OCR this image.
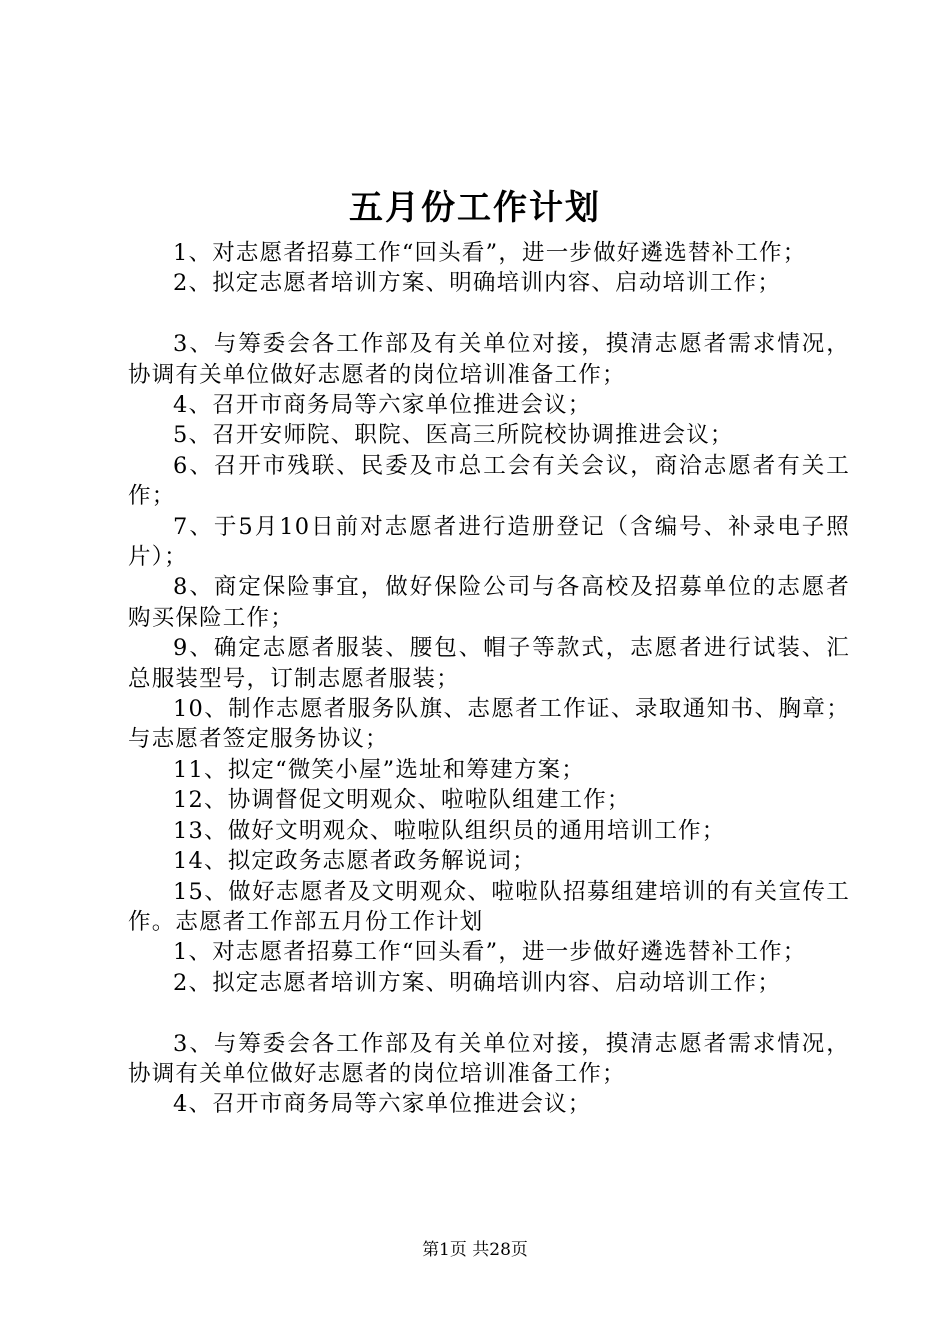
五月份工作计划

1、对志愿者招募工作“回头看”，进一步做好遴选替补工作；

2、拟定志愿者培训方案、明确培训内容、启动培训工作；

3、与筹委会各工作部及有关单位对接，摸清志愿者需求情况，协调有关单位做好志愿者的岗位培训准备工作；

4、召开市商务局等六家单位推进会议；

5、召开安师院、职院、医高三所院校协调推进会议；

6、召开市残联、民委及市总工会有关会议，商洽志愿者有关工作；

7、于5月10日前对志愿者进行造册登记（含编号、补录电子照片）；

8、商定保险事宜，做好保险公司与各高校及招募单位的志愿者购买保险工作；

9、确定志愿者服装、腰包、帽子等款式，志愿者进行试装、汇总服装型号，订制志愿者服装；

10、制作志愿者服务队旗、志愿者工作证、录取通知书、胸章；与志愿者签定服务协议；

11、拟定“微笑小屋”选址和筹建方案；

12、协调督促文明观众、啦啦队组建工作；

13、做好文明观众、啦啦队组织员的通用培训工作；

14、拟定政务志愿者政务解说词；

15、做好志愿者及文明观众、啦啦队招募组建培训的有关宣传工作。志愿者工作部五月份工作计划

1、对志愿者招募工作“回头看”，进一步做好遴选替补工作；

2、拟定志愿者培训方案、明确培训内容、启动培训工作；

3、与筹委会各工作部及有关单位对接，摸清志愿者需求情况，协调有关单位做好志愿者的岗位培训准备工作；

4、召开市商务局等六家单位推进会议；

第1页 共28页
